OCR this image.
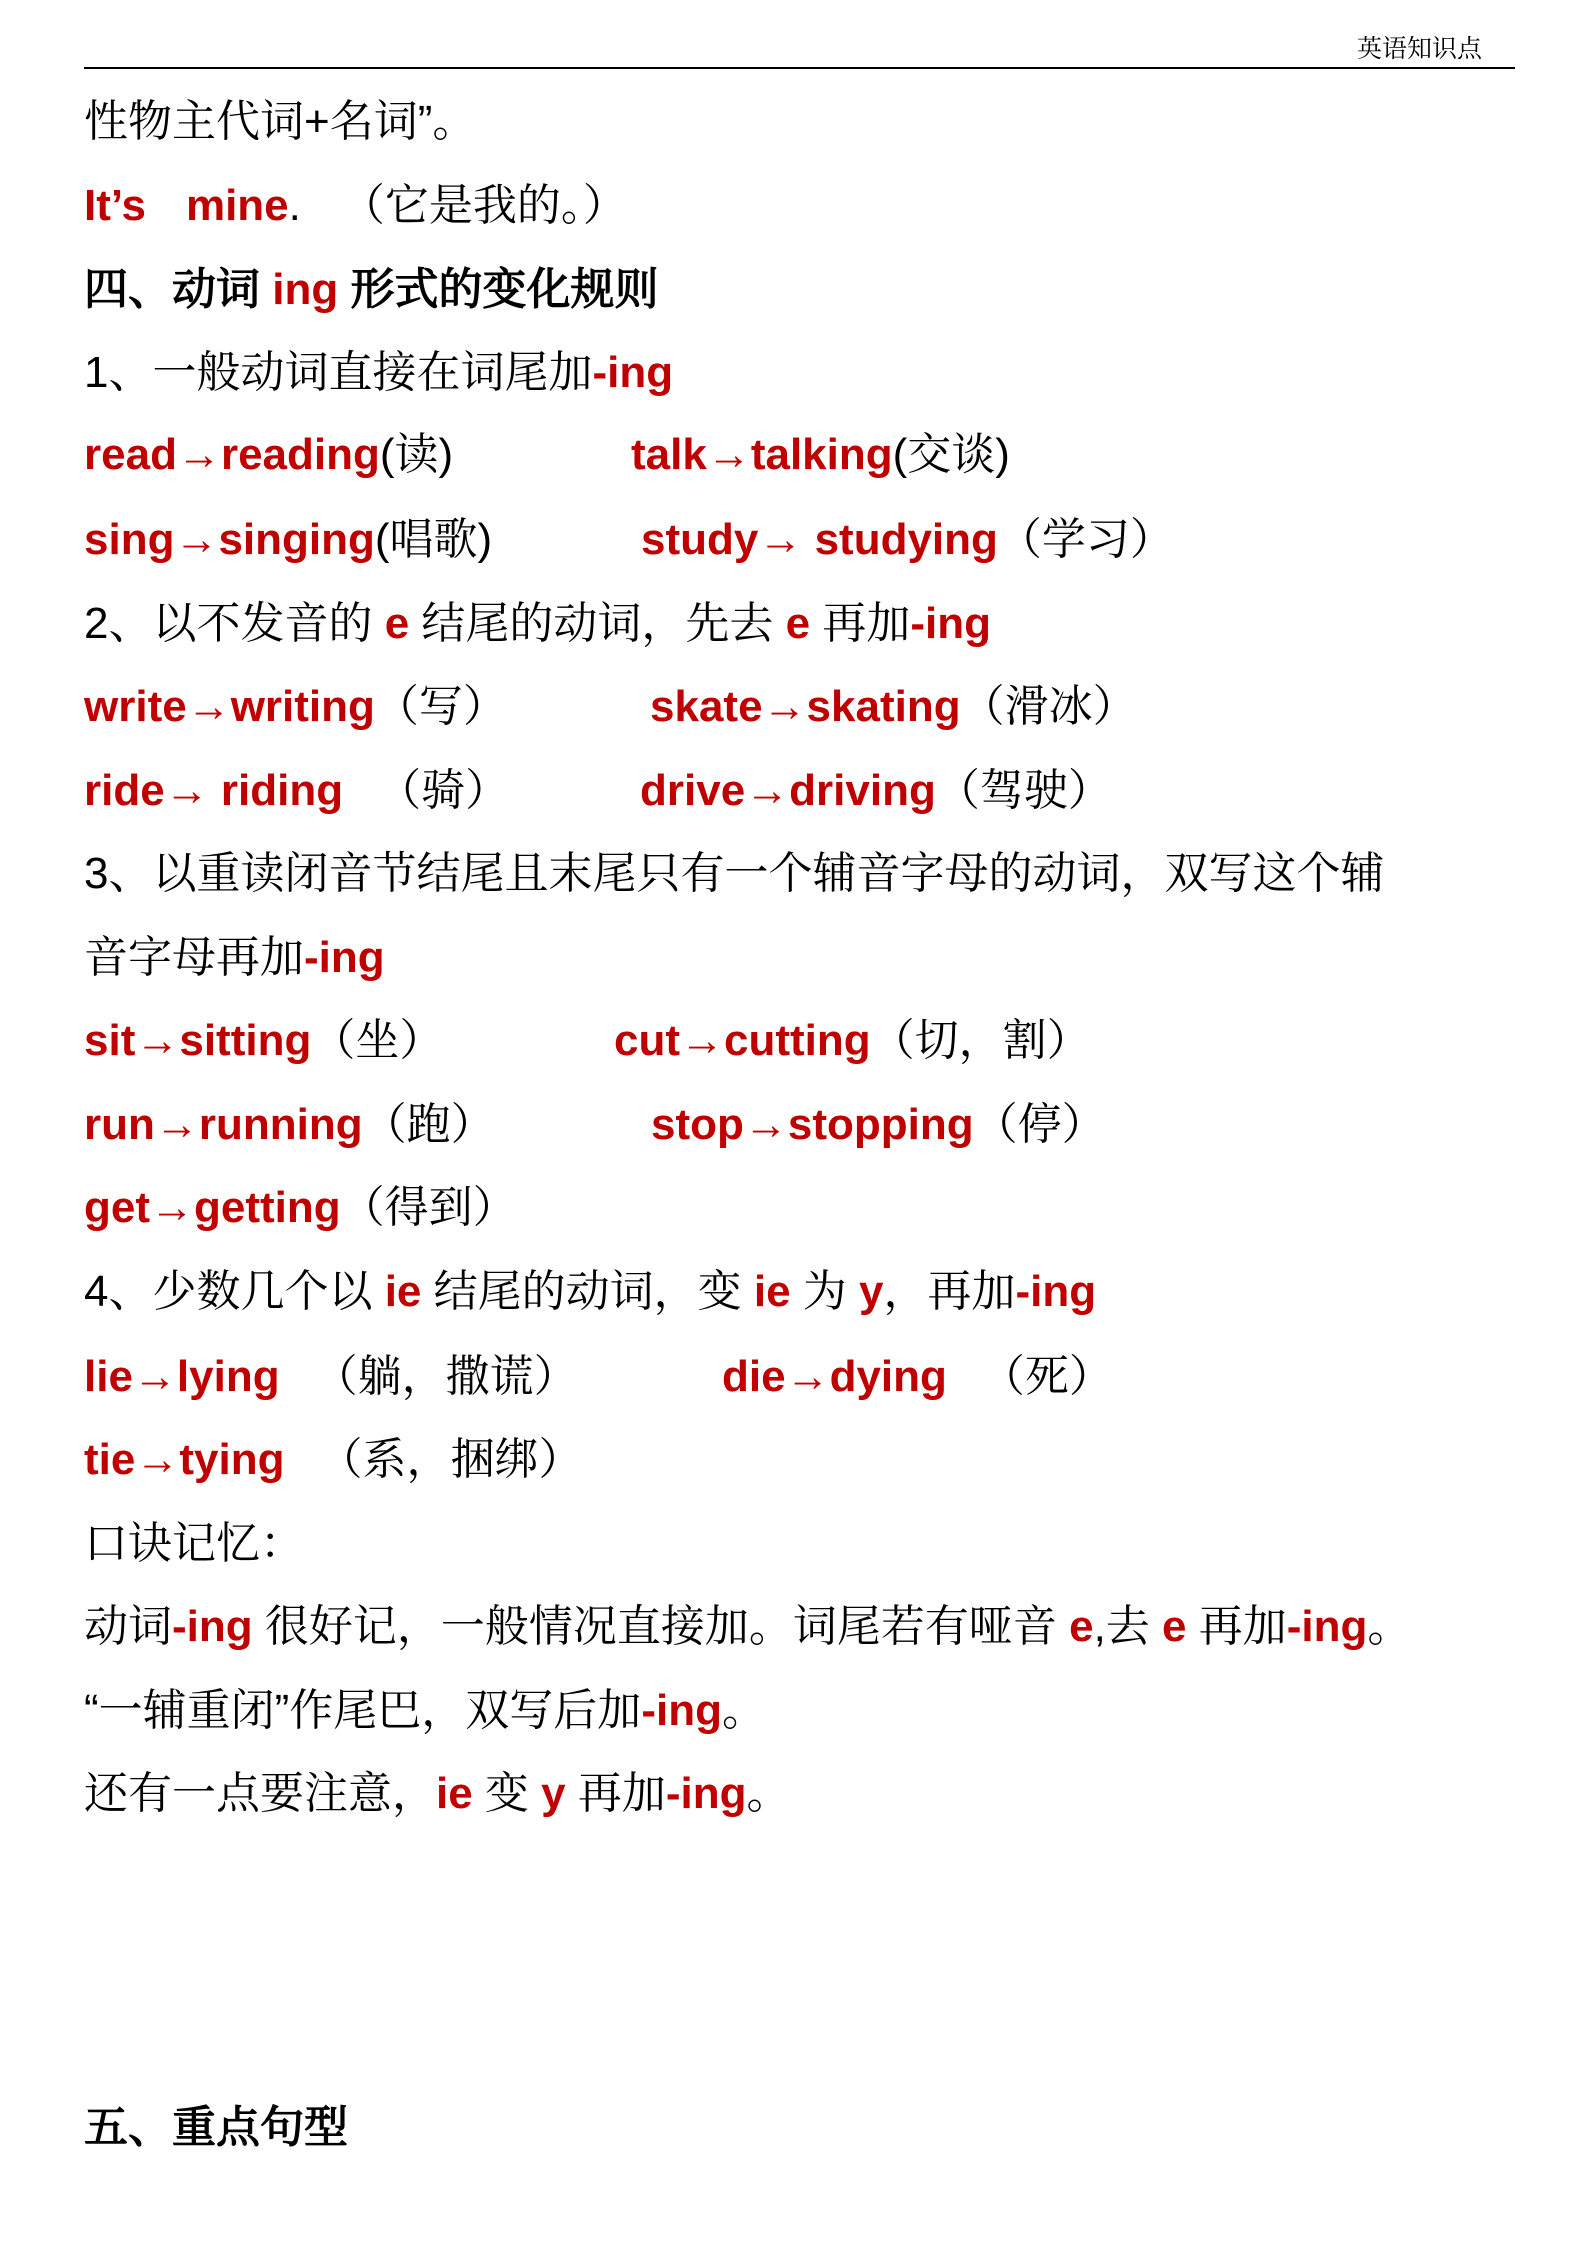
英语知识点
性物主代词+名词”。
It’s mine. （它是我的。）
四、动词 ing 形式的变化规则
1、一般动词直接在词尾加-ing
read→reading(读)	talk→talking(交谈)
sing→singing(唱歌)	study→ studying（学习）
2、以不发音的 e 结尾的动词，先去 e 再加-ing
write→writing（写）	skate→skating（滑冰）
ride→ riding （骑）	drive→driving（驾驶）
3、以重读闭音节结尾且末尾只有一个辅音字母的动词，双写这个辅
音字母再加-ing
sit→sitting（坐）	cut→cutting（切，割）
run→running（跑）	stop→stopping（停）
get→getting（得到）
4、少数几个以 ie 结尾的动词，变 ie 为 y，再加-ing
lie→lying （躺，撒谎）	die→dying （死）
tie→tying （系，捆绑）
口诀记忆：
动词-ing 很好记，一般情况直接加。词尾若有哑音 e,去 e 再加-ing。
“一辅重闭”作尾巴，双写后加-ing。
还有一点要注意，ie 变 y 再加-ing。
五、重点句型
